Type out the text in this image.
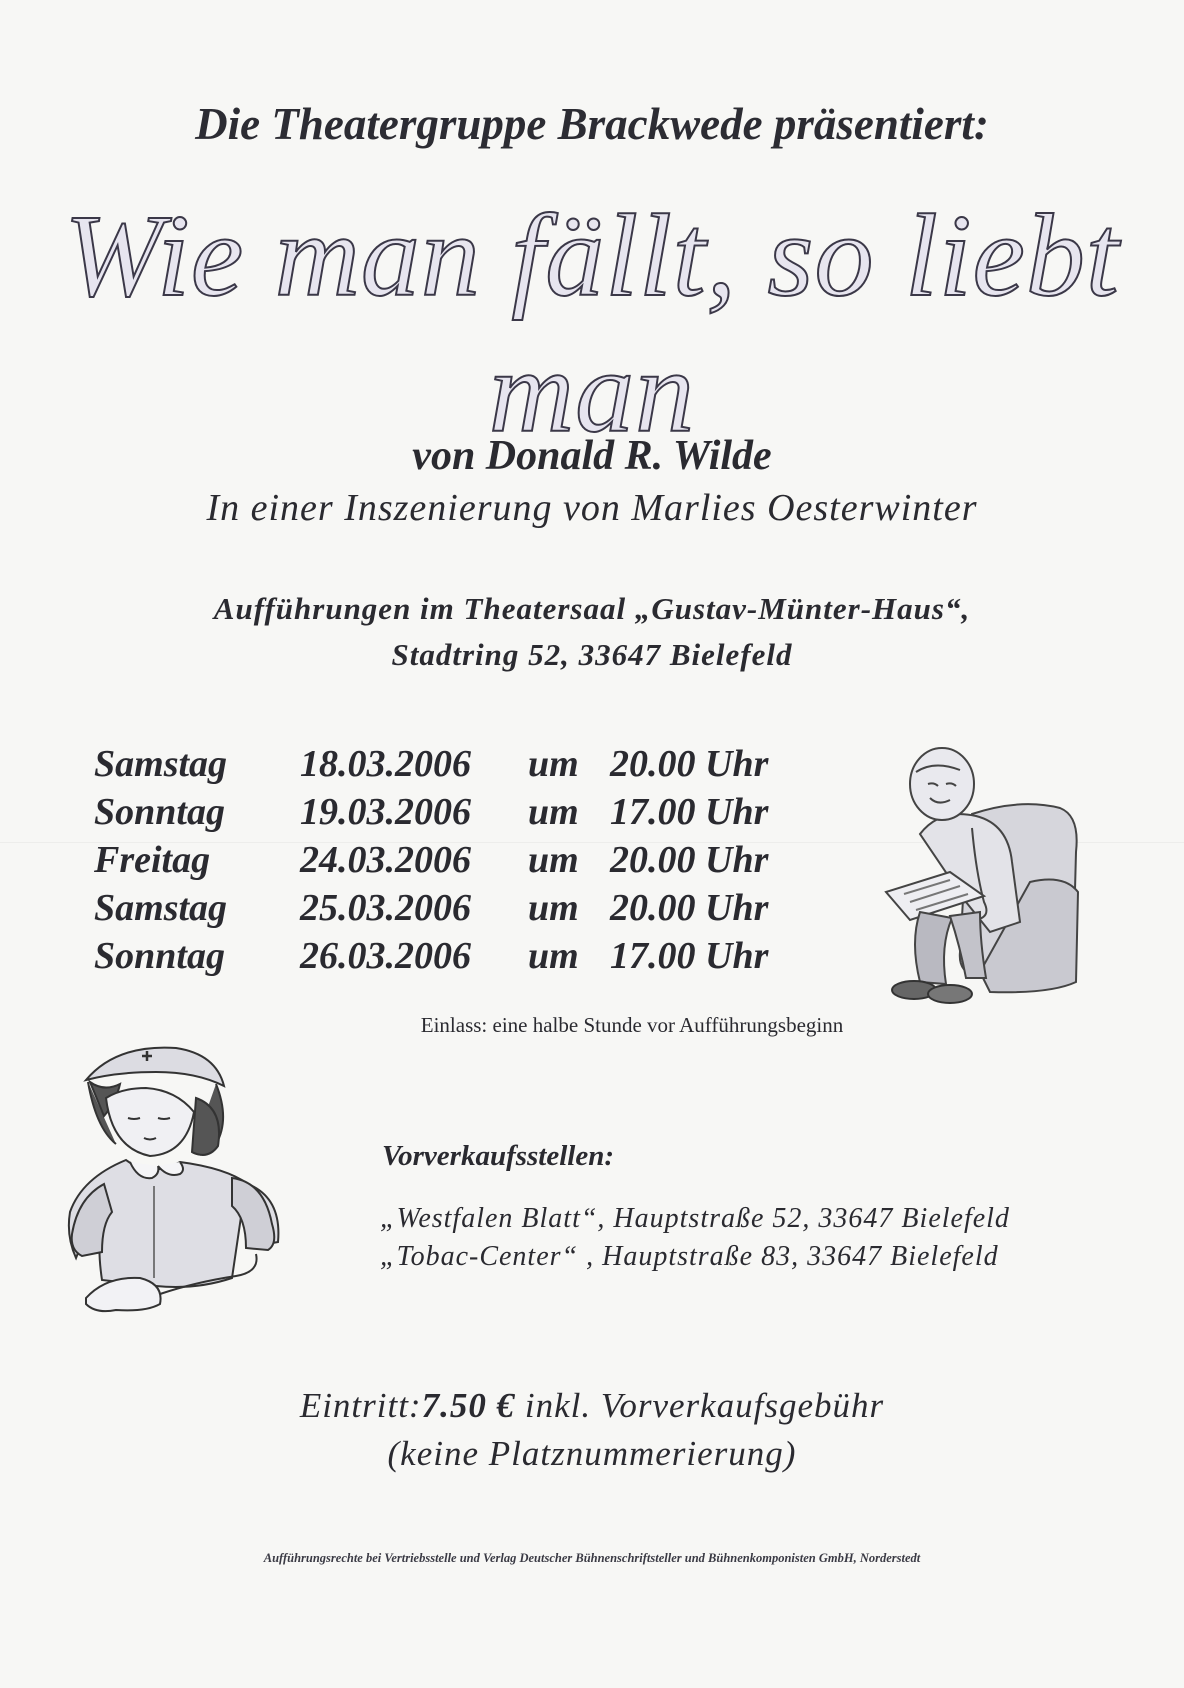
Die Theatergruppe Brackwede präsentiert:
Wie man fällt, so liebt man
von Donald R. Wilde
In einer Inszenierung von Marlies Oesterwinter
Aufführungen im Theatersaal „Gustav-Münter-Haus“,
Stadtring 52, 33647 Bielefeld
Samstag 18.03.2006 um 20.00 Uhr
Sonntag 19.03.2006 um 17.00 Uhr
Freitag 24.03.2006 um 20.00 Uhr
Samstag 25.03.2006 um 20.00 Uhr
Sonntag 26.03.2006 um 17.00 Uhr
Einlass: eine halbe Stunde vor Aufführungsbeginn
Vorverkaufsstellen:
„Westfalen Blatt“, Hauptstraße 52, 33647 Bielefeld
„Tobac-Center“ , Hauptstraße 83, 33647 Bielefeld
Eintritt:7.50 € inkl. Vorverkaufsgebühr
(keine Platznummerierung)
Aufführungsrechte bei Vertriebsstelle und Verlag Deutscher Bühnenschriftsteller und Bühnenkomponisten GmbH, Norderstedt
